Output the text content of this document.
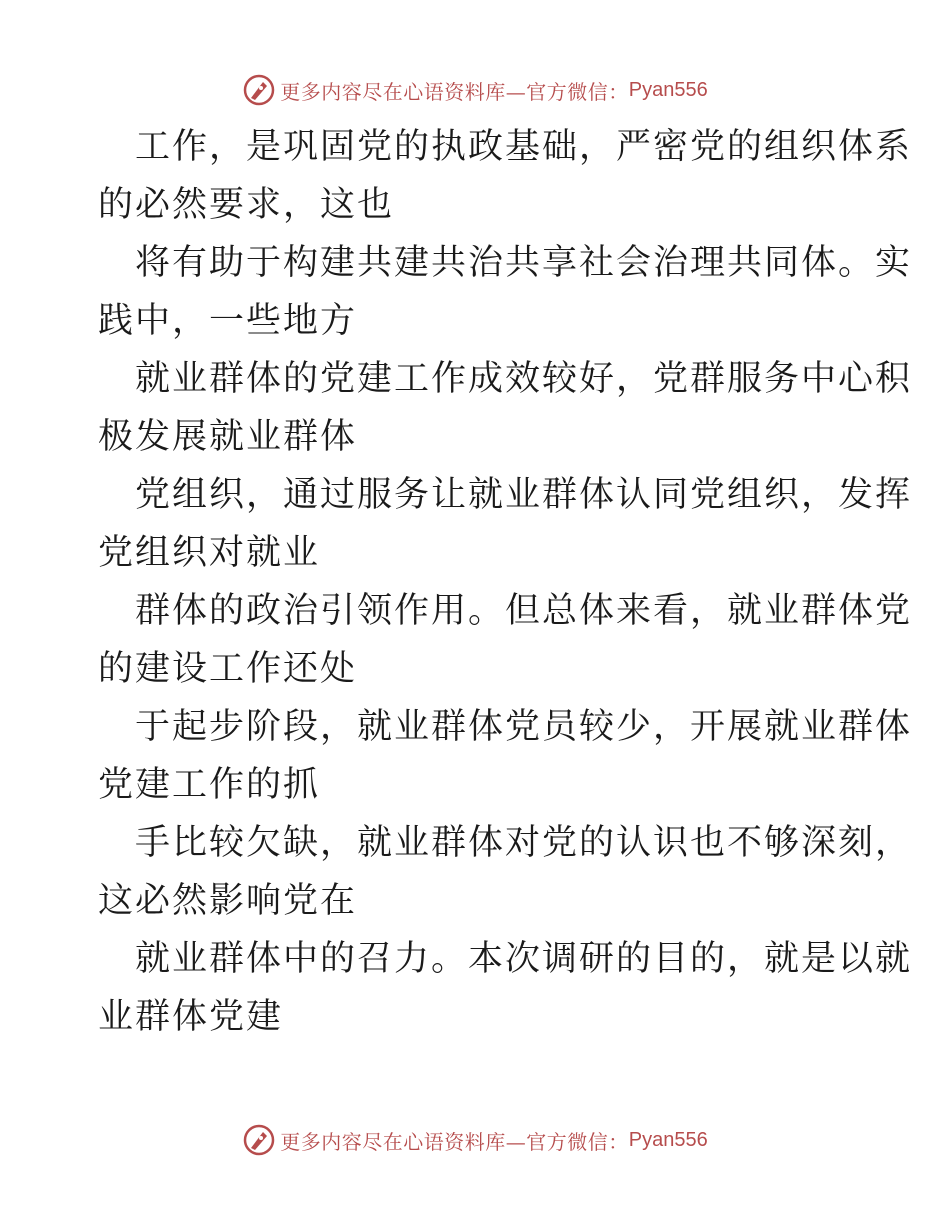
更多内容尽在心语资料库—官方微信： Pyan556

工作，是巩固党的执政基础，严密党的组织体系
的必然要求，这也

将有助于构建共建共治共享社会治理共同体。实
践中，一些地方

就业群体的党建工作成效较好，党群服务中心积
极发展就业群体

党组织，通过服务让就业群体认同党组织，发挥
党组织对就业

群体的政治引领作用。但总体来看，就业群体党
的建设工作还处

于起步阶段，就业群体党员较少，开展就业群体
党建工作的抓

手比较欠缺，就业群体对党的认识也不够深刻，
这必然影响党在

就业群体中的召力。本次调研的目的，就是以就
业群体党建

更多内容尽在心语资料库—官方微信： Pyan556
